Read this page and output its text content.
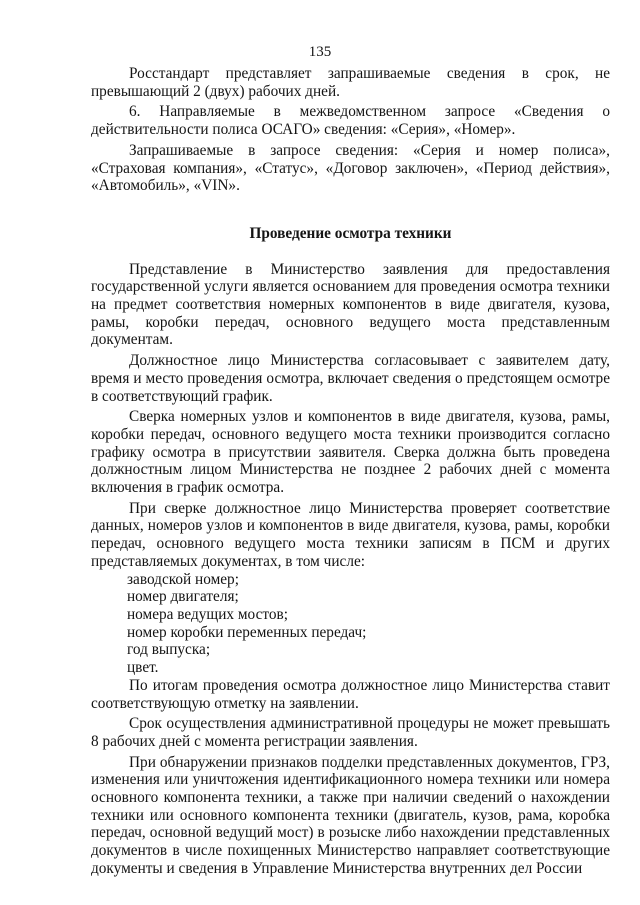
135

Росстандарт представляет запрашиваемые сведения в срок, не превышающий 2 (двух) рабочих дней.

6. Направляемые в межведомственном запросе «Сведения о действительности полиса ОСАГО» сведения: «Серия», «Номер».

Запрашиваемые в запросе сведения: «Серия и номер полиса», «Страховая компания», «Статус», «Договор заключен», «Период действия», «Автомобиль», «VIN».

Проведение осмотра техники

Представление в Министерство заявления для предоставления государственной услуги является основанием для проведения осмотра техники на предмет соответствия номерных компонентов в виде двигателя, кузова, рамы, коробки передач, основного ведущего моста представленным документам.

Должностное лицо Министерства согласовывает с заявителем дату, время и место проведения осмотра, включает сведения о предстоящем осмотре в соответствующий график.

Сверка номерных узлов и компонентов в виде двигателя, кузова, рамы, коробки передач, основного ведущего моста техники производится согласно графику осмотра в присутствии заявителя. Сверка должна быть проведена должностным лицом Министерства не позднее 2 рабочих дней с момента включения в график осмотра.

При сверке должностное лицо Министерства проверяет соответствие данных, номеров узлов и компонентов в виде двигателя, кузова, рамы, коробки передач, основного ведущего моста техники записям в ПСМ и других представляемых документах, в том числе:

заводской номер;

номер двигателя;

номера ведущих мостов;

номер коробки переменных передач;

год выпуска;

цвет.

По итогам проведения осмотра должностное лицо Министерства ставит соответствующую отметку на заявлении.

Срок осуществления административной процедуры не может превышать 8 рабочих дней с момента регистрации заявления.

При обнаружении признаков подделки представленных документов, ГРЗ, изменения или уничтожения идентификационного номера техники или номера основного компонента техники, а также при наличии сведений о нахождении техники или основного компонента техники (двигатель, кузов, рама, коробка передач, основной ведущий мост) в розыске либо нахождении представленных документов в числе похищенных Министерство направляет соответствующие документы и сведения в Управление Министерства внутренних дел России
